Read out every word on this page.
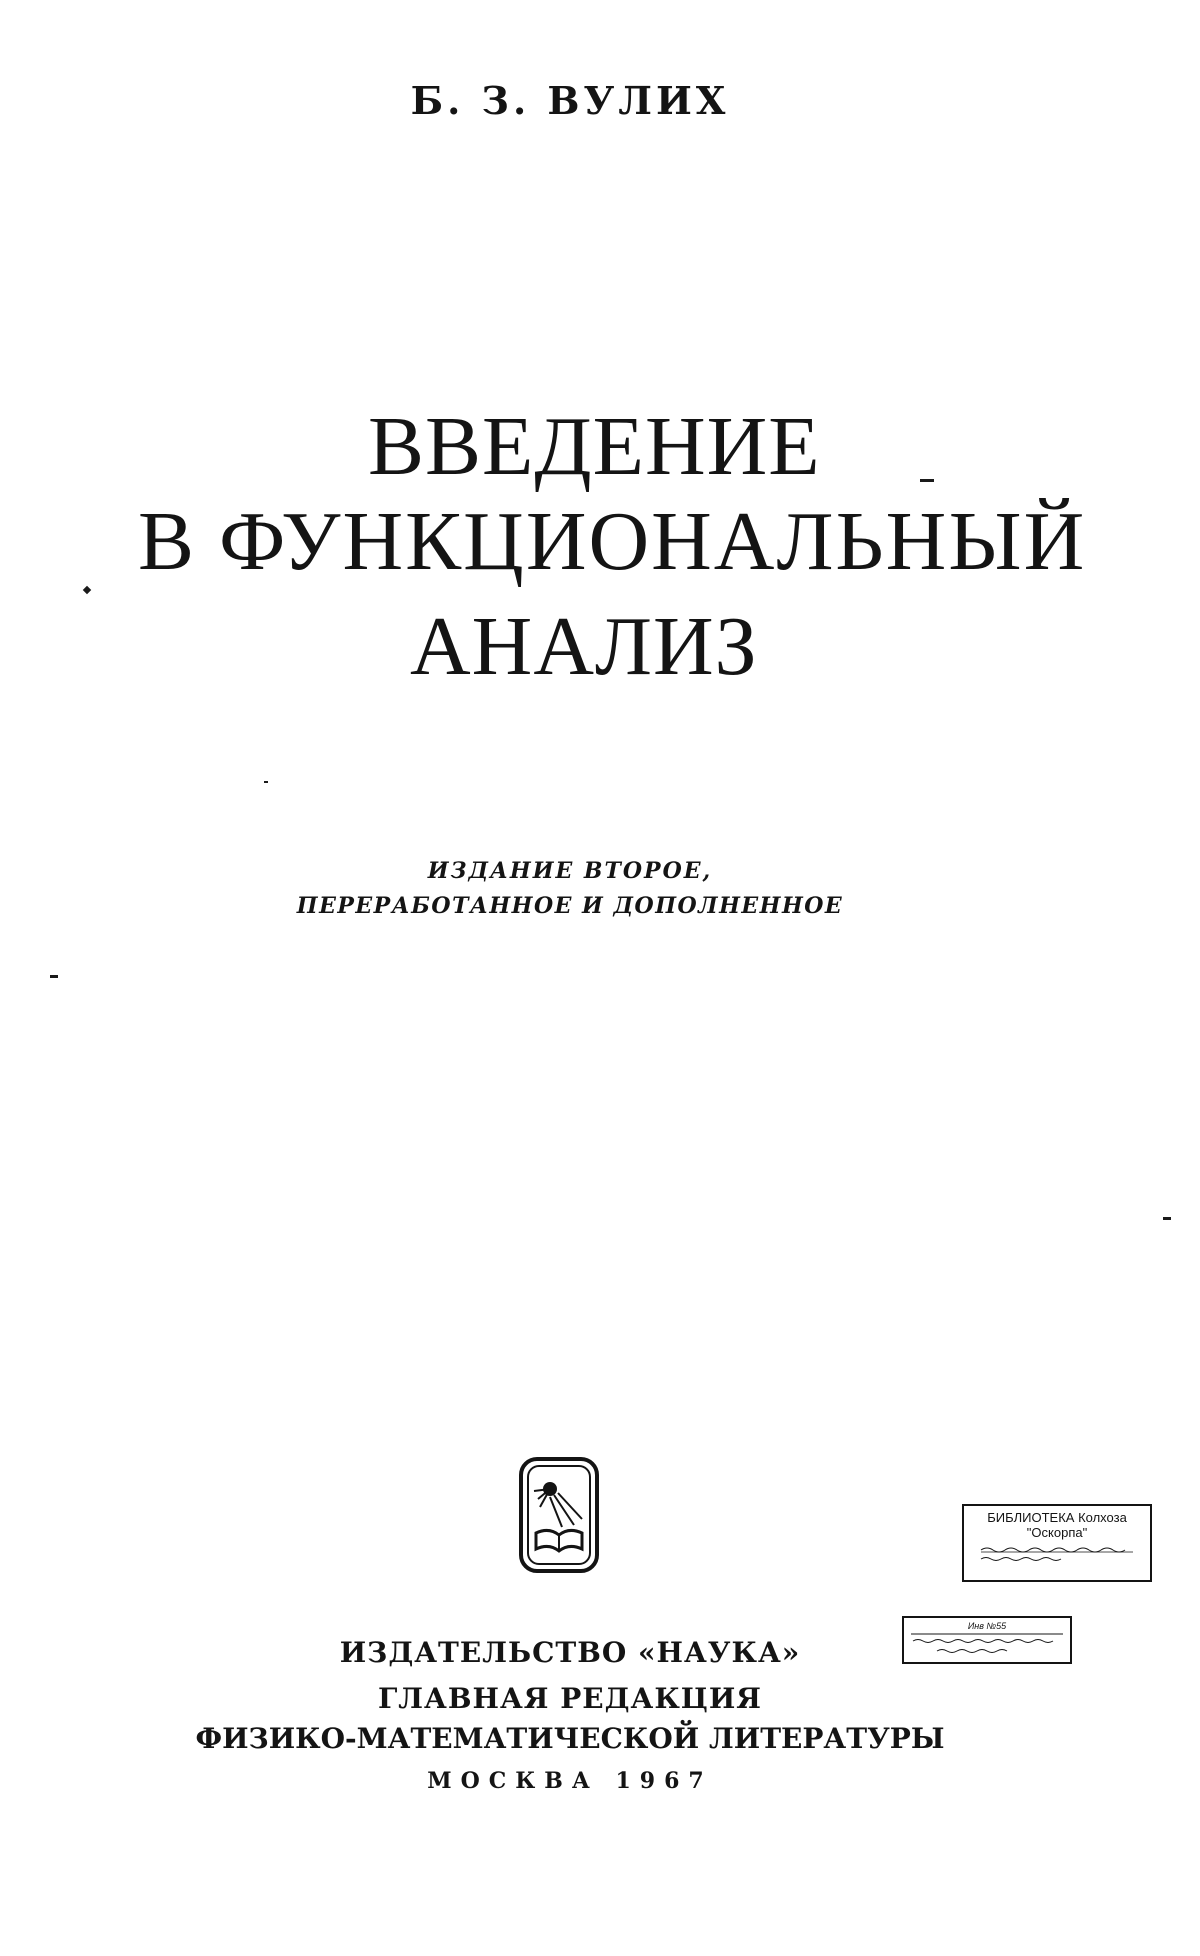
Б. З. ВУЛИХ
ВВЕДЕНИЕ
В ФУНКЦИОНАЛЬНЫЙ
АНАЛИЗ
ИЗДАНИЕ ВТОРОЕ,
ПЕРЕРАБОТАННОЕ И ДОПОЛНЕННОЕ
ИЗДАТЕЛЬСТВО «НАУКА»
ГЛАВНАЯ РЕДАКЦИЯ
ФИЗИКО-МАТЕМАТИЧЕСКОЙ ЛИТЕРАТУРЫ
МОСКВА 1967
БИБЛИОТЕКА Колхоза
"Оскорпа"
Инв №55
